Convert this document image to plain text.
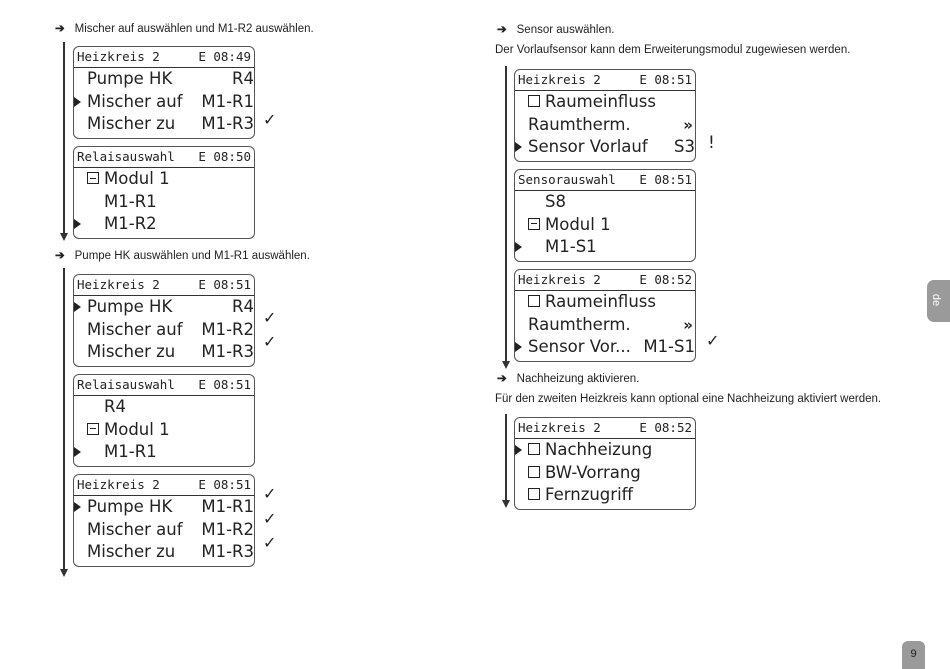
➔ Mischer auf auswählen und M1-R2 auswählen.
Heizkreis 2	E 08:49
Pumpe HK	R4
Mischer auf M1-R1
Mischer zu M1-R3 ✓
Relaisauswahl E 08:50
Modul 1
M1-R1
M1-R2
➔ Pumpe HK auswählen und M1-R1 auswählen.
Heizkreis 2	E 08:51
Pumpe HK	R4
Mischer auf M1-R2
Mischer zu M1-R3
✓
✓
Relaisauswahl E 08:51
R4
Modul 1
M1-R1
Heizkreis 2	E 08:51
Pumpe HK M1-R1
Mischer auf M1-R2
Mischer zu M1-R3
✓
✓
✓
➔ Sensor auswählen.
Der Vorlaufsensor kann dem Erweiterungsmodul zugewiesen werden.
Heizkreis 2	E 08:51
Raumeinfluss
Raumtherm.	»
Sensor Vorlauf S3 !
Sensorauswahl E 08:51
S8
Modul 1
M1-S1
Heizkreis 2	E 08:52
Raumeinfluss
Raumtherm.	»
Sensor Vor... M1-S1 ✓
➔ Nachheizung aktivieren.
Für den zweiten Heizkreis kann optional eine Nachheizung aktiviert werden.
Heizkreis 2	E 08:52
Nachheizung
BW-Vorrang
Fernzugriff
de
9
